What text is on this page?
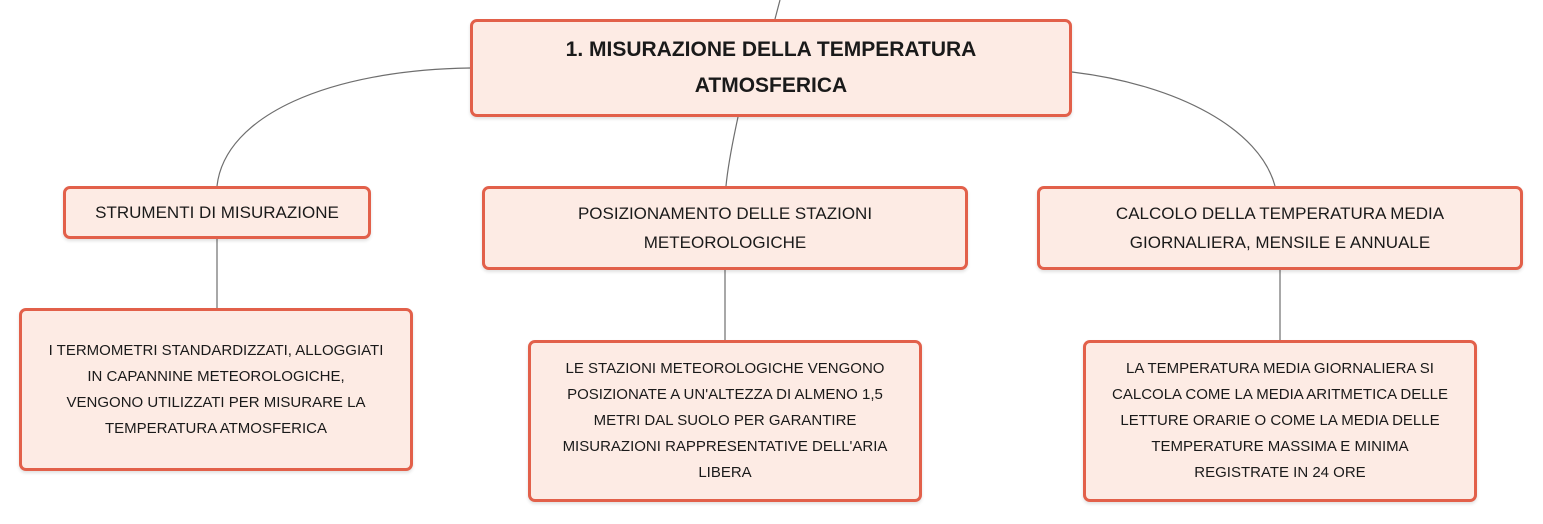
1. MISURAZIONE DELLA TEMPERATURA
ATMOSFERICA
STRUMENTI DI MISURAZIONE	POSIZIONAMENTO DELLE STAZIONI
METEOROLOGICHE
CALCOLO DELLA TEMPERATURA MEDIA
GIORNALIERA, MENSILE E ANNUALE
I TERMOMETRI STANDARDIZZATI, ALLOGGIATI
IN CAPANNINE METEOROLOGICHE,
VENGONO UTILIZZATI PER MISURARE LA
TEMPERATURA ATMOSFERICA
LE STAZIONI METEOROLOGICHE VENGONO
POSIZIONATE A UN'ALTEZZA DI ALMENO 1,5
METRI DAL SUOLO PER GARANTIRE
MISURAZIONI RAPPRESENTATIVE DELL'ARIA
LIBERA
LA TEMPERATURA MEDIA GIORNALIERA SI
CALCOLA COME LA MEDIA ARITMETICA DELLE
LETTURE ORARIE O COME LA MEDIA DELLE
TEMPERATURE MASSIMA E MINIMA
REGISTRATE IN 24 ORE
